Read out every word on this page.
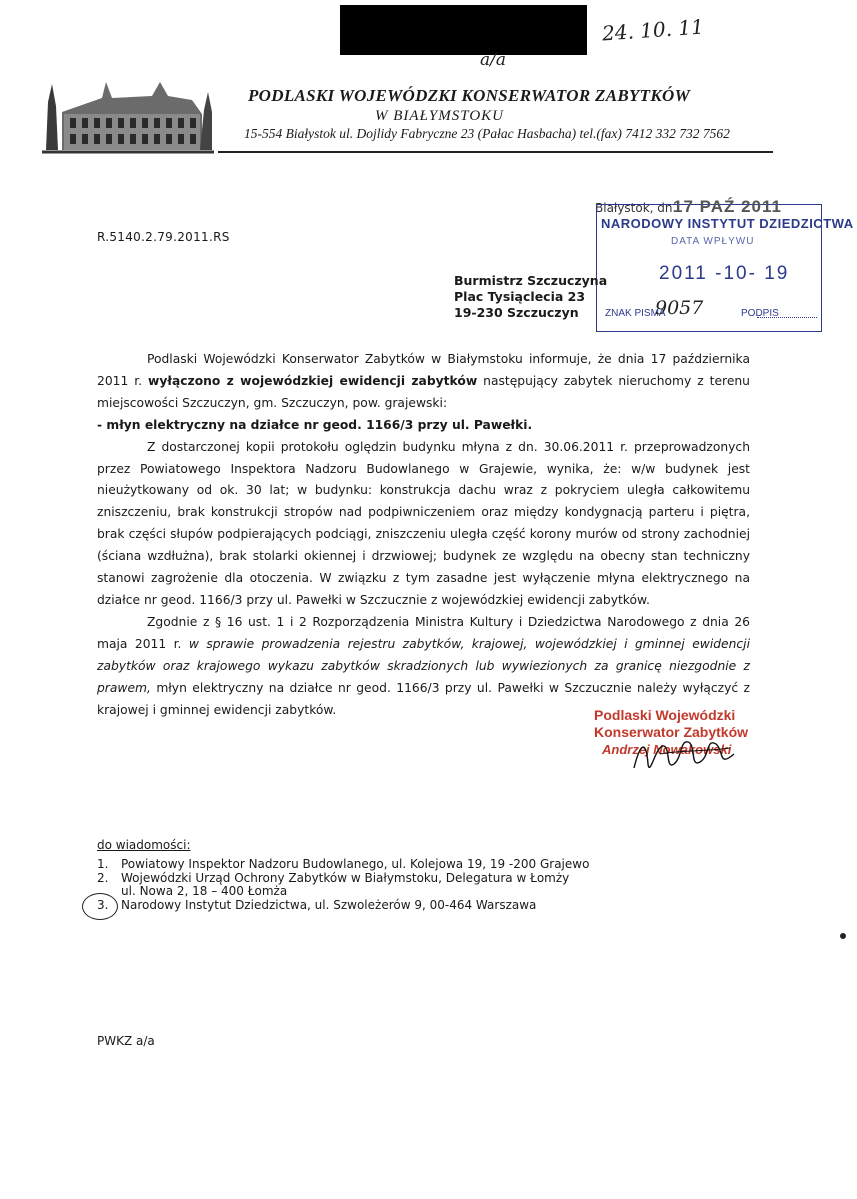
24. 10. 11
a/a
PODLASKI WOJEWÓDZKI KONSERWATOR ZABYTKÓW
W BIAŁYMSTOKU
15-554 Białystok ul. Dojlidy Fabryczne 23 (Pałac Hasbacha) tel.(fax) 7412 332 732 7562
R.5140.2.79.2011.RS
Białystok, dn.
17 PAŹ 2011
NARODOWY INSTYTUT DZIEDZICTWA
DATA WPŁYWU
2011 -10- 19
ZNAK PISMA
9057	PODPIS
Burmistrz Szczuczyna
Plac Tysiąclecia 23
19-230 Szczuczyn

Podlaski Wojewódzki Konserwator Zabytków w Białymstoku informuje, że dnia 17 października 2011 r. wyłączono z wojewódzkiej ewidencji zabytków następujący zabytek nieruchomy z terenu miejscowości Szczuczyn, gm. Szczuczyn, pow. grajewski:

- młyn elektryczny na działce nr geod. 1166/3 przy ul. Pawełki.

Z dostarczonej kopii protokołu oględzin budynku młyna z dn. 30.06.2011 r. przeprowadzonych przez Powiatowego Inspektora Nadzoru Budowlanego w Grajewie, wynika, że: w/w budynek jest nieużytkowany od ok. 30 lat; w budynku: konstrukcja dachu wraz z pokryciem uległa całkowitemu zniszczeniu, brak konstrukcji stropów nad podpiwniczeniem oraz między kondygnacją parteru i piętra, brak części słupów podpierających podciągi, zniszczeniu uległa część korony murów od strony zachodniej (ściana wzdłużna), brak stolarki okiennej i drzwiowej; budynek ze względu na obecny stan techniczny stanowi zagrożenie dla otoczenia. W związku z tym zasadne jest wyłączenie młyna elektrycznego na działce nr geod. 1166/3 przy ul. Pawełki w Szczucznie z wojewódzkiej ewidencji zabytków.

Zgodnie z § 16 ust. 1 i 2 Rozporządzenia Ministra Kultury i Dziedzictwa Narodowego z dnia 26 maja 2011 r. w sprawie prowadzenia rejestru zabytków, krajowej, wojewódzkiej i gminnej ewidencji zabytków oraz krajowego wykazu zabytków skradzionych lub wywiezionych za granicę niezgodnie z prawem, młyn elektryczny na działce nr geod. 1166/3 przy ul. Pawełki w Szczucznie należy wyłączyć z krajowej i gminnej ewidencji zabytków.	Podlaski Wojewódzki
Konserwator Zabytków
Andrzej Nowakowski
do wiadomości:
1.	Powiatowy Inspektor Nadzoru Budowlanego, ul. Kolejowa 19, 19 -200 Grajewo
2.	Wojewódzki Urząd Ochrony Zabytków w Białymstoku, Delegatura w Łomży
ul. Nowa 2, 18 – 400 Łomża
3.	Narodowy Instytut Dziedzictwa, ul. Szwoleżerów 9, 00-464 Warszawa
PWKZ a/a
